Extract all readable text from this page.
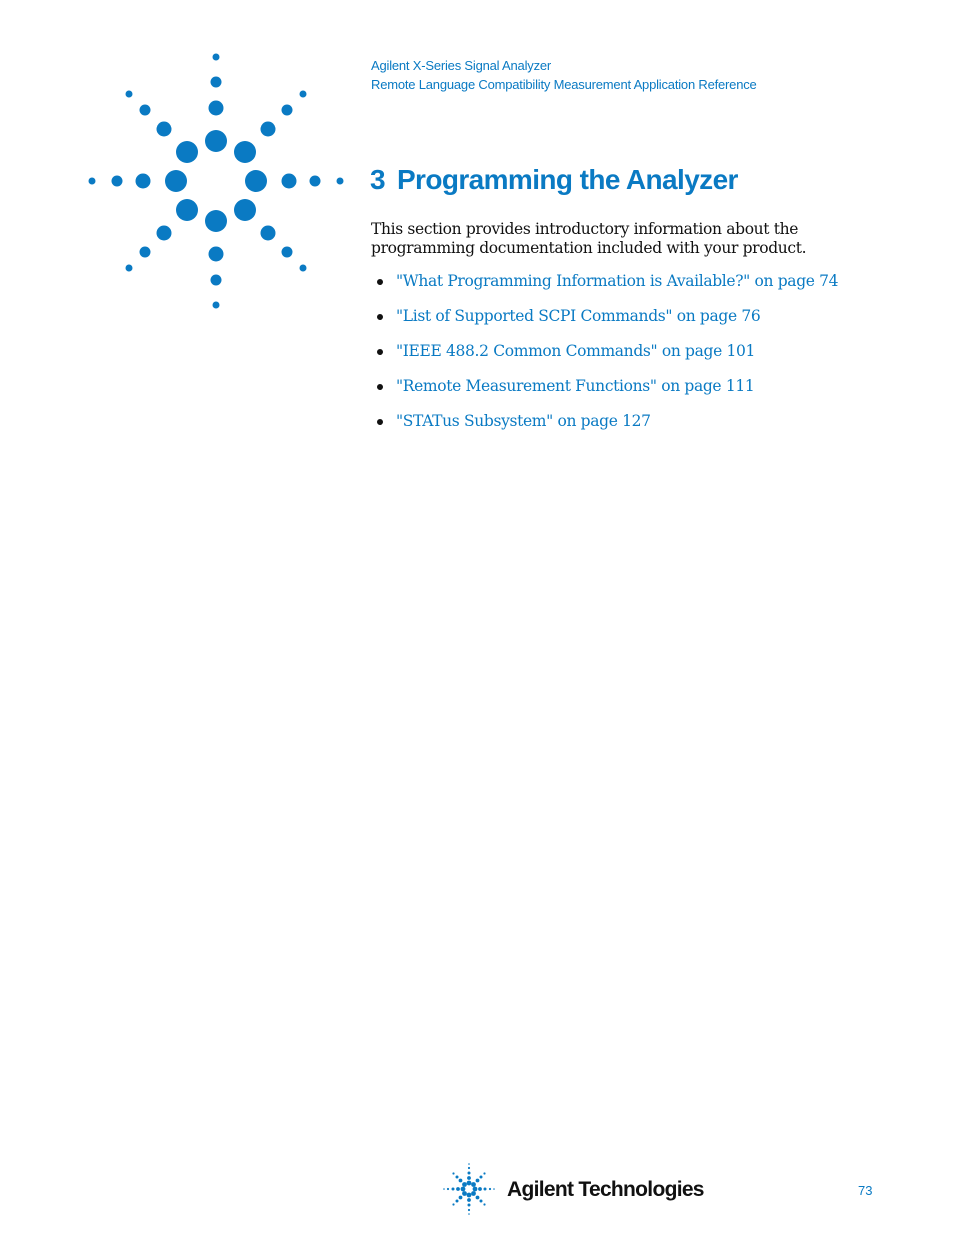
Agilent X-Series Signal Analyzer
Remote Language Compatibility Measurement Application Reference
3 Programming the Analyzer

This section provides introductory information about the programming documentation included with your product.

"What Programming Information is Available?" on page 74
"List of Supported SCPI Commands" on page 76
"IEEE 488.2 Common Commands" on page 101
"Remote Measurement Functions" on page 111
"STATus Subsystem" on page 127
Agilent Technologies	73
